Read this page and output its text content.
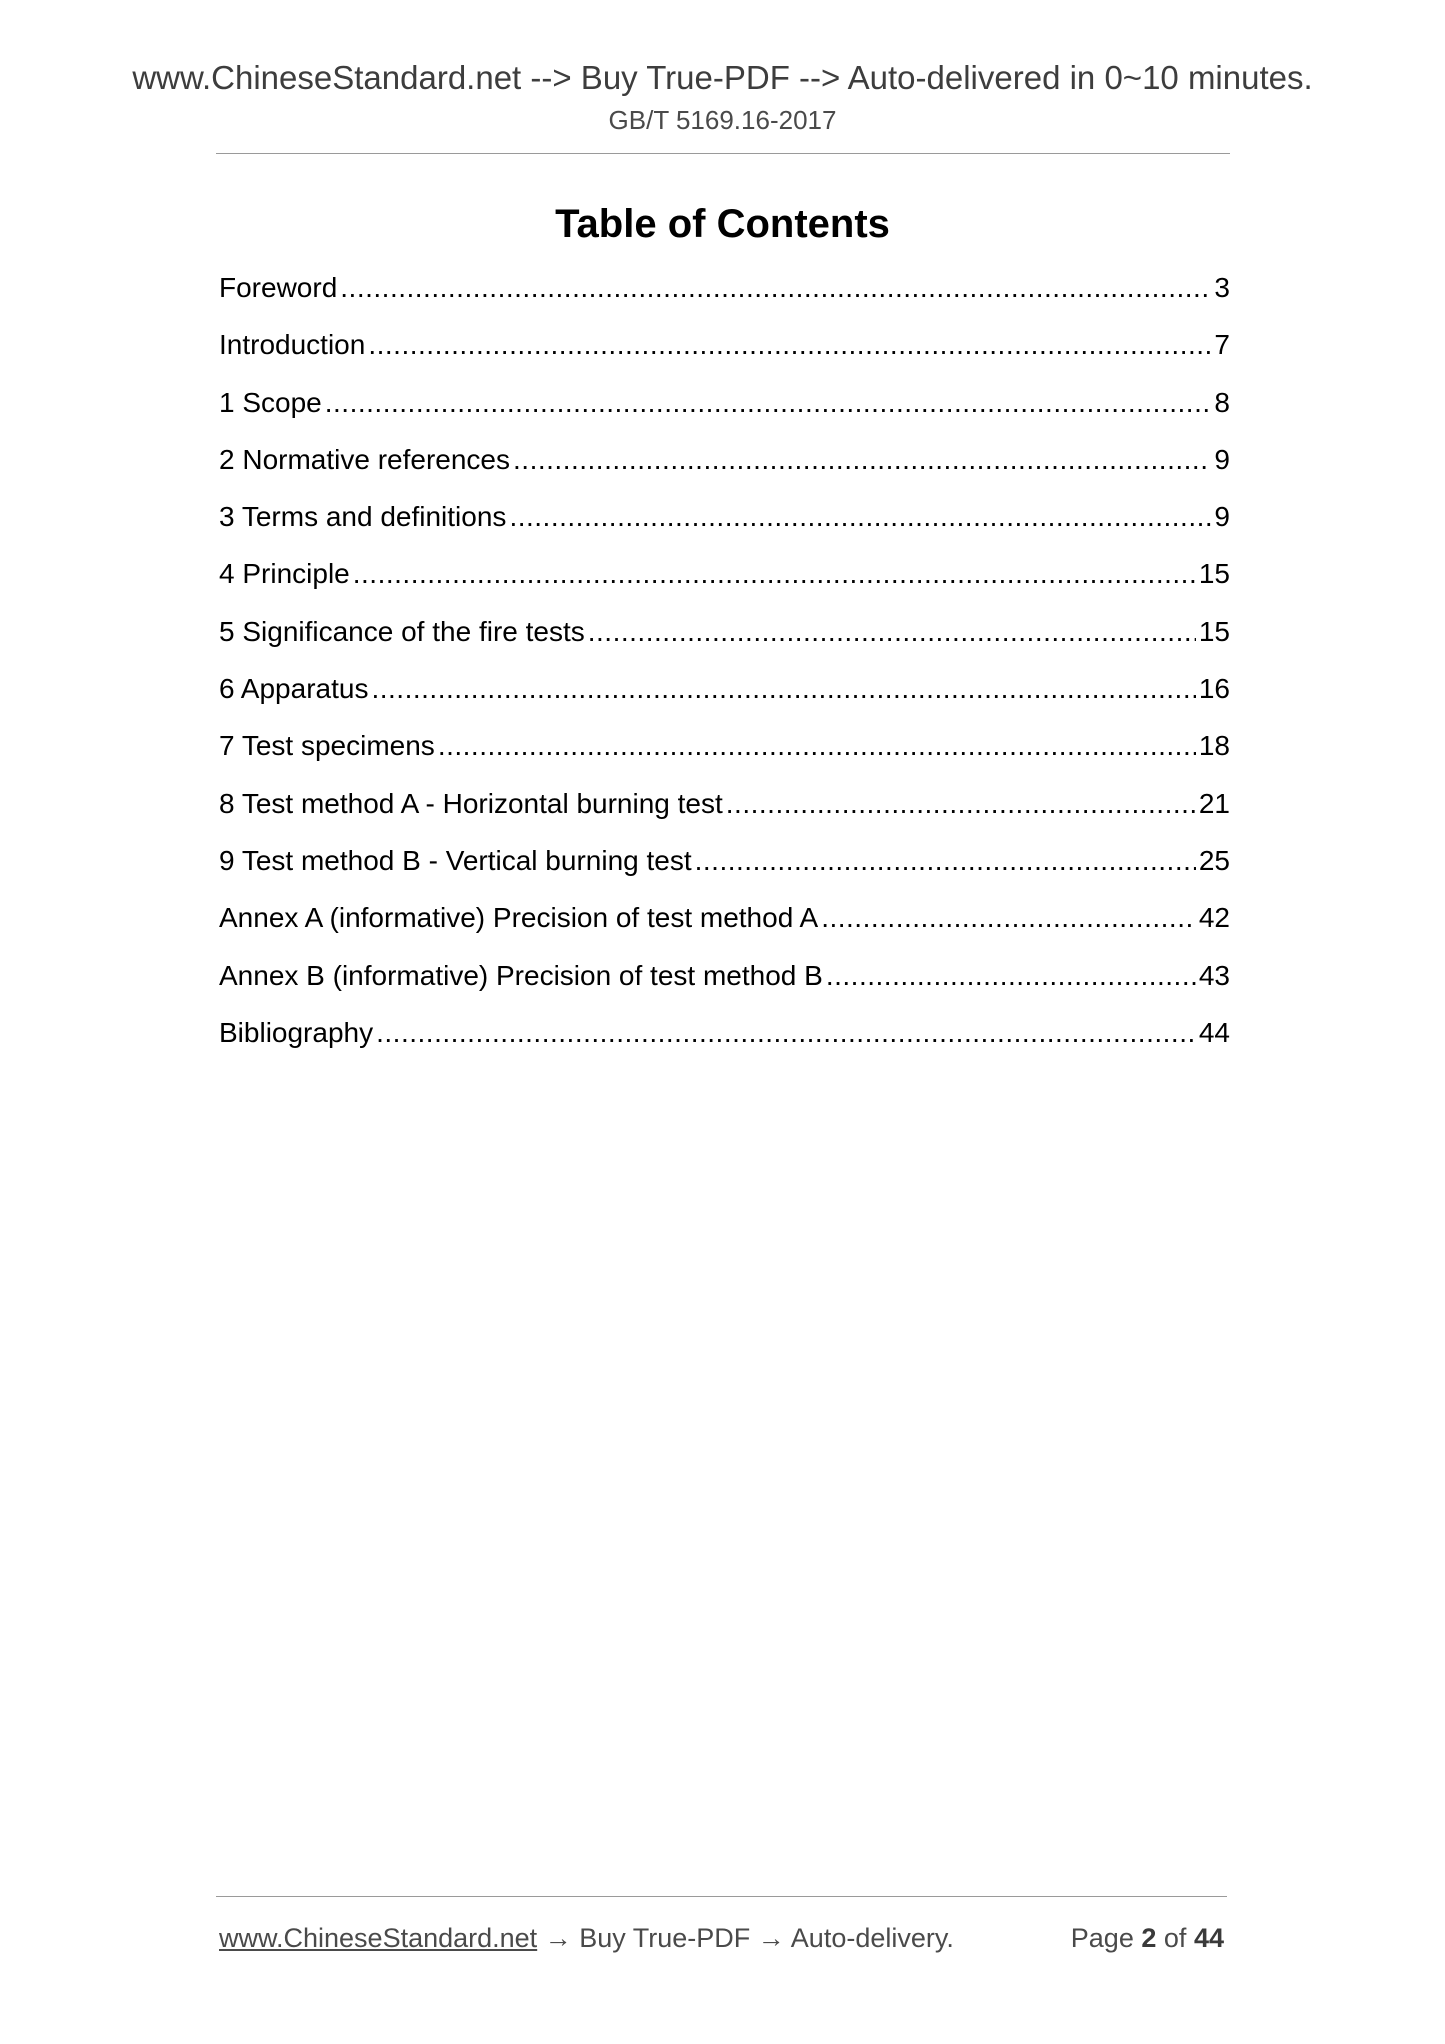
www.ChineseStandard.net --> Buy True-PDF --> Auto-delivered in 0~10 minutes.
GB/T 5169.16-2017
Table of Contents
Foreword .....	3
Introduction .....	7
1 Scope .....	8
2 Normative references .....	9
3 Terms and definitions .....	9
4 Principle .....	15
5 Significance of the fire tests .....	15
6 Apparatus .....	16
7 Test specimens .....	18
8 Test method A - Horizontal burning test .....	21
9 Test method B - Vertical burning test .....	25
Annex A (informative) Precision of test method A .....	42
Annex B (informative) Precision of test method B .....	43
Bibliography .....	44
www.ChineseStandard.net → Buy True-PDF → Auto-delivery.	Page 2 of 44
